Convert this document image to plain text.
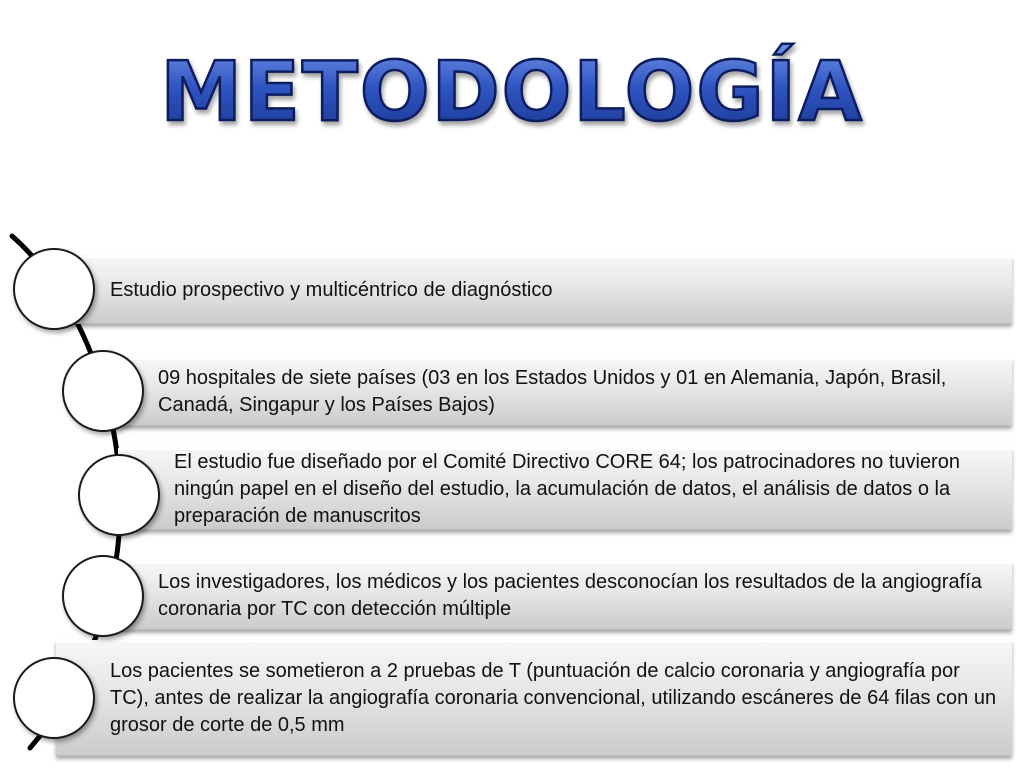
METODOLOGÍA
Estudio prospectivo y multicéntrico de diagnóstico
09 hospitales de siete países (03 en los Estados Unidos y 01 en Alemania, Japón, Brasil, Canadá, Singapur y los Países Bajos)
El estudio fue diseñado por el Comité Directivo CORE 64; los patrocinadores no tuvieron ningún papel en el diseño del estudio, la acumulación de datos, el análisis de datos o la preparación de manuscritos
Los investigadores, los médicos y los pacientes desconocían los resultados de la angiografía coronaria por TC con detección múltiple
Los pacientes se sometieron a 2 pruebas de T (puntuación de calcio coronaria y angiografía por TC), antes de realizar la angiografía coronaria convencional, utilizando escáneres de 64 filas con un grosor de corte de 0,5 mm
